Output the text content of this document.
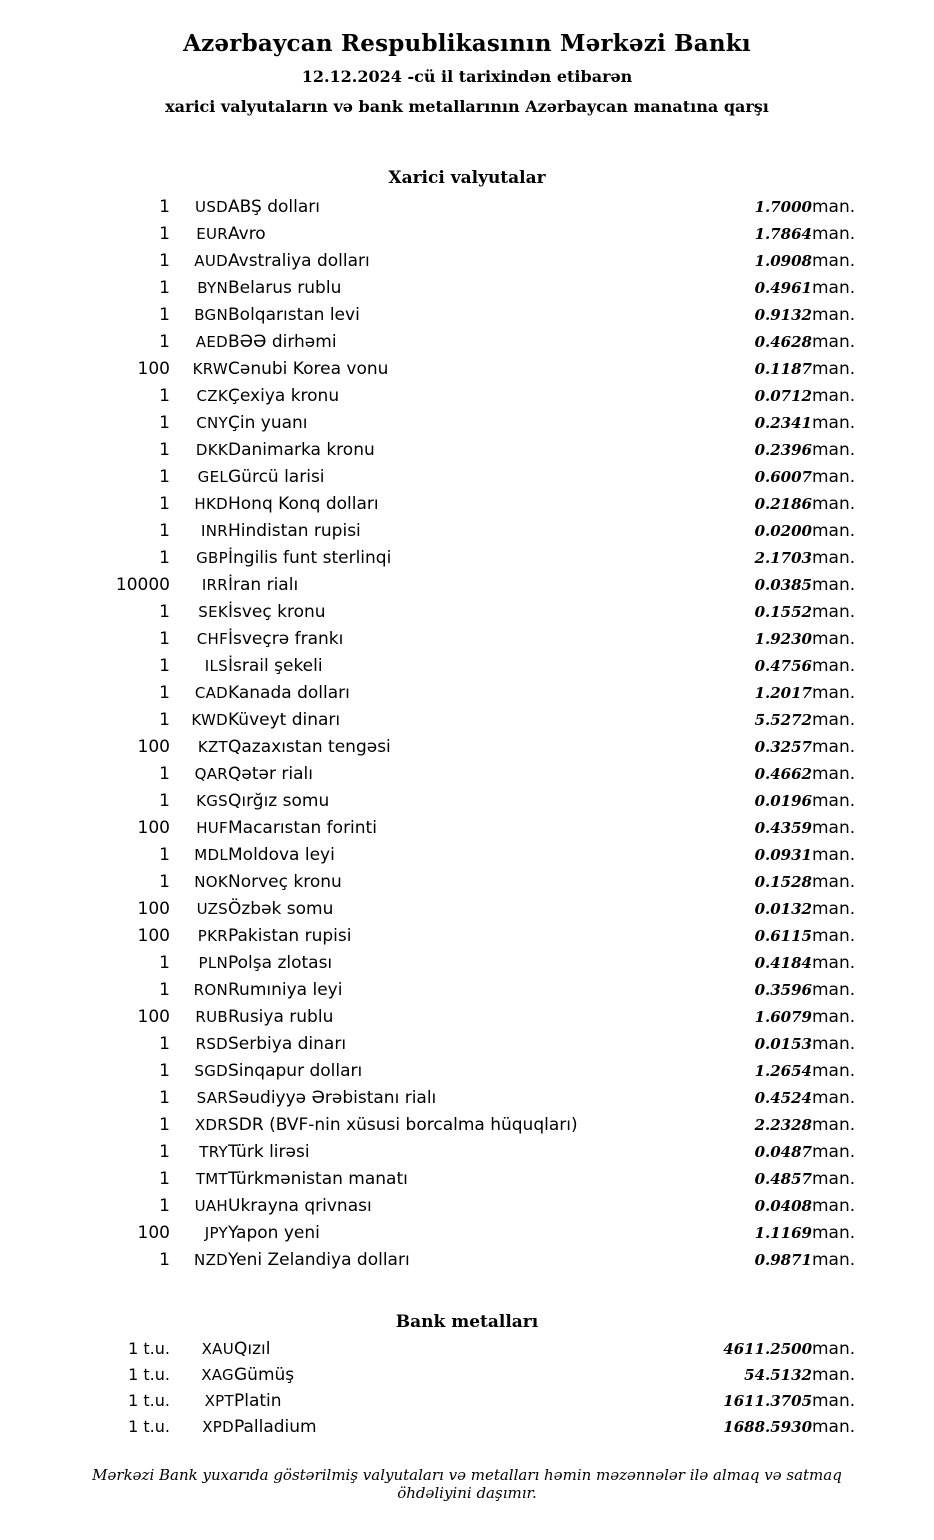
Azərbaycan Respublikasının Mərkəzi Bankı
12.12.2024 -cü il tarixindən etibarən
xarici valyutaların və bank metallarının Azərbaycan manatına qarşı
Xarici valyutalar
1	USD	ABŞ dolları	1.7000	man.
1	EUR	Avro	1.7864	man.
1	AUD	Avstraliya dolları	1.0908	man.
1	BYN	Belarus rublu	0.4961	man.
1	BGN	Bolqarıstan levi	0.9132	man.
1	AED	BƏƏ dirhəmi	0.4628	man.
100	KRW	Cənubi Korea vonu	0.1187	man.
1	CZK	Çexiya kronu	0.0712	man.
1	CNY	Çin yuanı	0.2341	man.
1	DKK	Danimarka kronu	0.2396	man.
1	GEL	Gürcü larisi	0.6007	man.
1	HKD	Honq Konq dolları	0.2186	man.
1	INR	Hindistan rupisi	0.0200	man.
1	GBP	İngilis funt sterlinqi	2.1703	man.
10000	IRR	İran rialı	0.0385	man.
1	SEK	İsveç kronu	0.1552	man.
1	CHF	İsveçrə frankı	1.9230	man.
1	ILS	İsrail şekeli	0.4756	man.
1	CAD	Kanada dolları	1.2017	man.
1	KWD	Küveyt dinarı	5.5272	man.
100	KZT	Qazaxıstan tengəsi	0.3257	man.
1	QAR	Qətər rialı	0.4662	man.
1	KGS	Qırğız somu	0.0196	man.
100	HUF	Macarıstan forinti	0.4359	man.
1	MDL	Moldova leyi	0.0931	man.
1	NOK	Norveç kronu	0.1528	man.
100	UZS	Özbək somu	0.0132	man.
100	PKR	Pakistan rupisi	0.6115	man.
1	PLN	Polşa zlotası	0.4184	man.
1	RON	Rumıniya leyi	0.3596	man.
100	RUB	Rusiya rublu	1.6079	man.
1	RSD	Serbiya dinarı	0.0153	man.
1	SGD	Sinqapur dolları	1.2654	man.
1	SAR	Səudiyyə Ərəbistanı rialı	0.4524	man.
1	XDR	SDR (BVF-nin xüsusi borcalma hüquqları)	2.2328	man.
1	TRY	Türk lirəsi	0.0487	man.
1	TMT	Türkmənistan manatı	0.4857	man.
1	UAH	Ukrayna qrivnası	0.0408	man.
100	JPY	Yapon yeni	1.1169	man.
1	NZD	Yeni Zelandiya dolları	0.9871	man.
Bank metalları
1 t.u.	XAU	Qızıl	4611.2500	man.
1 t.u.	XAG	Gümüş	54.5132	man.
1 t.u.	XPT	Platin	1611.3705	man.
1 t.u.	XPD	Palladium	1688.5930	man.
Mərkəzi Bank yuxarıda göstərilmiş valyutaları və metalları həmin məzənnələr ilə almaq və satmaq öhdəliyini daşımır.
